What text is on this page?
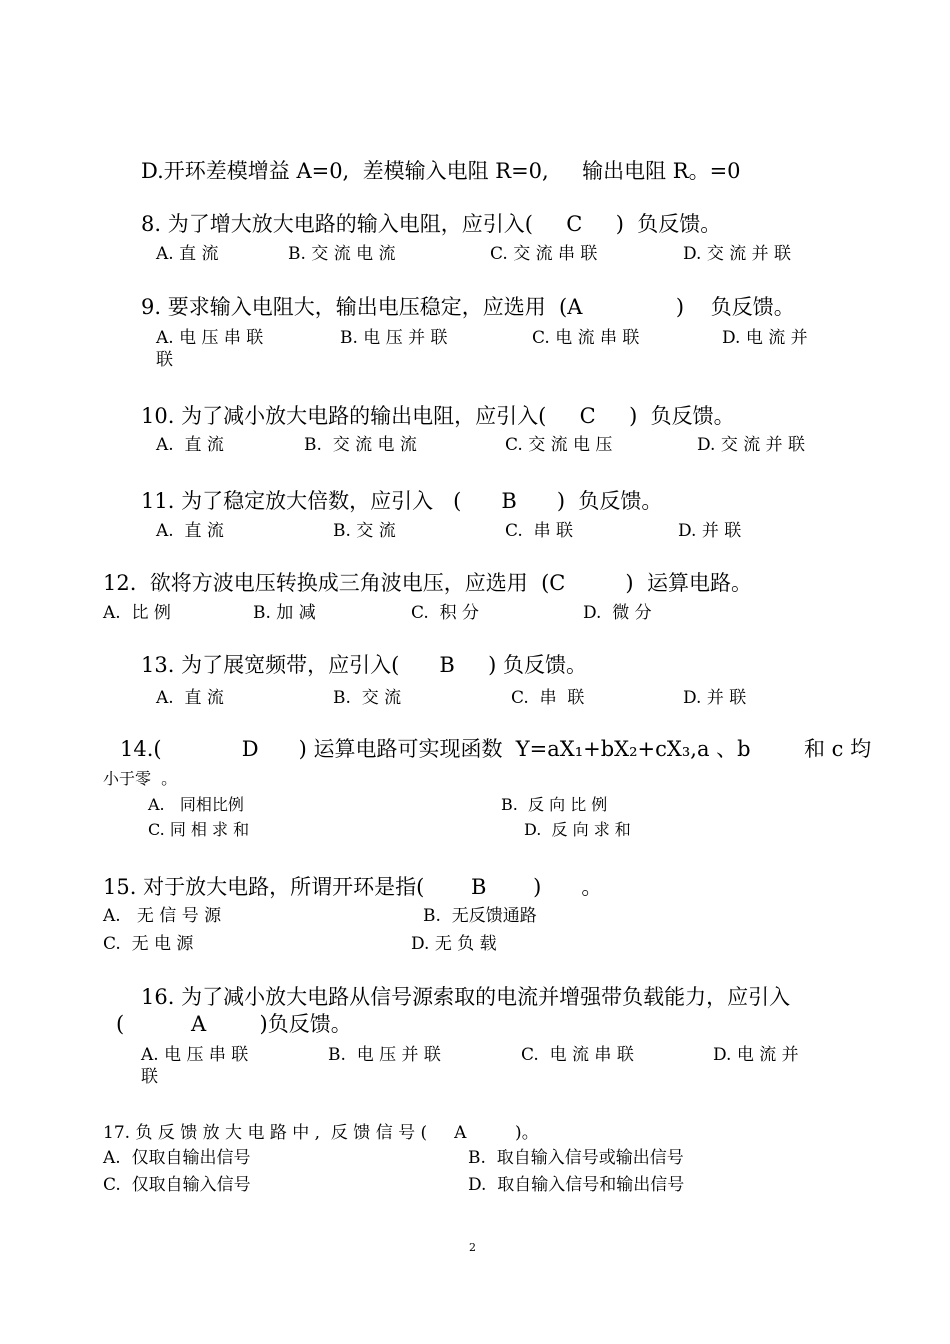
D.开环差模增益 A=0,  差模输入电阻 R=0,     输出电阻 R。=0
8. 为了增大放大电路的输入电阻，应引入(     C     )  负反馈。
A. 直 流	B. 交 流 电 流	C. 交 流 串 联	D. 交 流 并 联
9. 要求输入电阻大，输出电压稳定，应选用  (A              )    负反馈。
A. 电 压 串 联	B. 电 压 并 联	C. 电 流 串 联	D. 电 流 并
联
10. 为了减小放大电路的输出电阻，应引入(     C     )  负反馈。
A.  直 流	B.  交 流 电 流	C. 交 流 电 压	D. 交 流 并 联
11. 为了稳定放大倍数，应引入   (      B      )  负反馈。
A.  直 流	B. 交 流	C.  串 联	D. 并 联
12.  欲将方波电压转换成三角波电压，应选用  (C         )  运算电路。
A.  比 例	B. 加 减	C.  积 分	D.  微 分
13. 为了展宽频带，应引入(      B     ) 负反馈。
A.  直 流	B.  交 流	C.  串  联	D. 并 联
14.(            D      ) 运算电路可实现函数  Y=aX₁+bX₂+cX₃,a 、b        和 c 均
小于零  。
A.   同相比例	B.  反 向 比 例
C. 同 相 求 和	D.  反 向 求 和
15. 对于放大电路，所谓开环是指(       B       )      。
A.   无 信 号 源	B.  无反馈通路
C.  无 电 源	D. 无 负 载
16. 为了减小放大电路从信号源索取的电流并增强带负载能力，应引入
(          A        )负反馈。
A. 电 压 串 联	B.  电 压 并 联	C.  电 流 串 联	D. 电 流 并
联
17. 负 反 馈 放 大 电 路 中 ,  反 馈 信 号 (     A         )。
A.  仅取自输出信号	B.  取自输入信号或输出信号
C.  仅取自输入信号	D.  取自输入信号和输出信号
2
